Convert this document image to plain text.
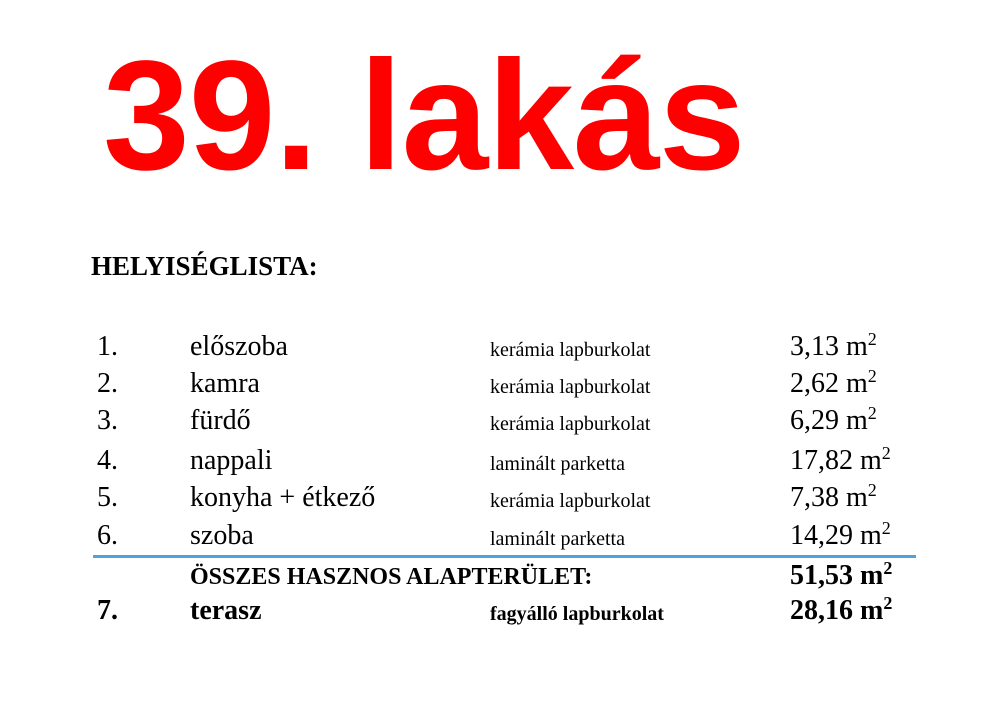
39. lakás
HELYISÉGLISTA:
1.	előszoba	kerámia lapburkolat	3,13 $m^2$
2.	kamra	kerámia lapburkolat	2,62 $m^2$
3.	fürdő	kerámia lapburkolat	6,29 $m^2$
4.	nappali	laminált parketta	17,82 $m^2$
5.	konyha + étkező	kerámia lapburkolat	7,38 $m^2$
6.	szoba	laminált parketta	14,29 $m^2$
ÖSSZES HASZNOS ALAPTERÜLET:	51,53 $m^2$
7.	terasz	fagyálló lapburkolat	28,16 $m^2$
